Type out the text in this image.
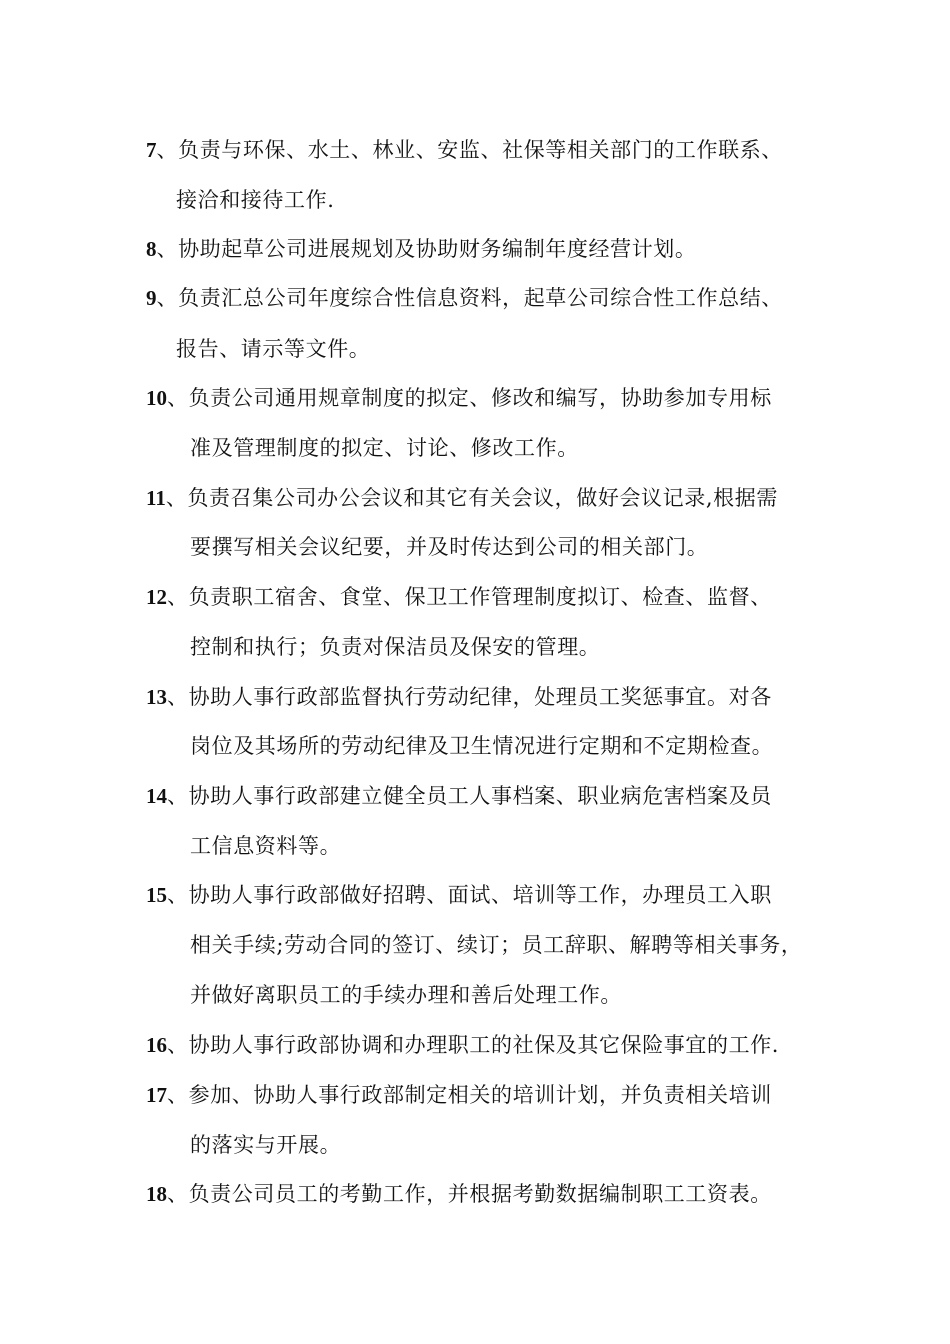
7、负责与环保、水土、林业、安监、社保等相关部门的工作联系、
接洽和接待工作.
8、协助起草公司进展规划及协助财务编制年度经营计划。
9、负责汇总公司年度综合性信息资料，起草公司综合性工作总结、
报告、请示等文件。
10、负责公司通用规章制度的拟定、修改和编写，协助参加专用标
准及管理制度的拟定、讨论、修改工作。
11、负责召集公司办公会议和其它有关会议，做好会议记录,根据需
要撰写相关会议纪要，并及时传达到公司的相关部门。
12、负责职工宿舍、食堂、保卫工作管理制度拟订、检查、监督、
控制和执行；负责对保洁员及保安的管理。
13、协助人事行政部监督执行劳动纪律，处理员工奖惩事宜。对各
岗位及其场所的劳动纪律及卫生情况进行定期和不定期检查。
14、协助人事行政部建立健全员工人事档案、职业病危害档案及员
工信息资料等。
15、协助人事行政部做好招聘、面试、培训等工作，办理员工入职
相关手续;劳动合同的签订、续订；员工辞职、解聘等相关事务，
并做好离职员工的手续办理和善后处理工作。
16、协助人事行政部协调和办理职工的社保及其它保险事宜的工作.
17、参加、协助人事行政部制定相关的培训计划，并负责相关培训
的落实与开展。
18、负责公司员工的考勤工作，并根据考勤数据编制职工工资表。
